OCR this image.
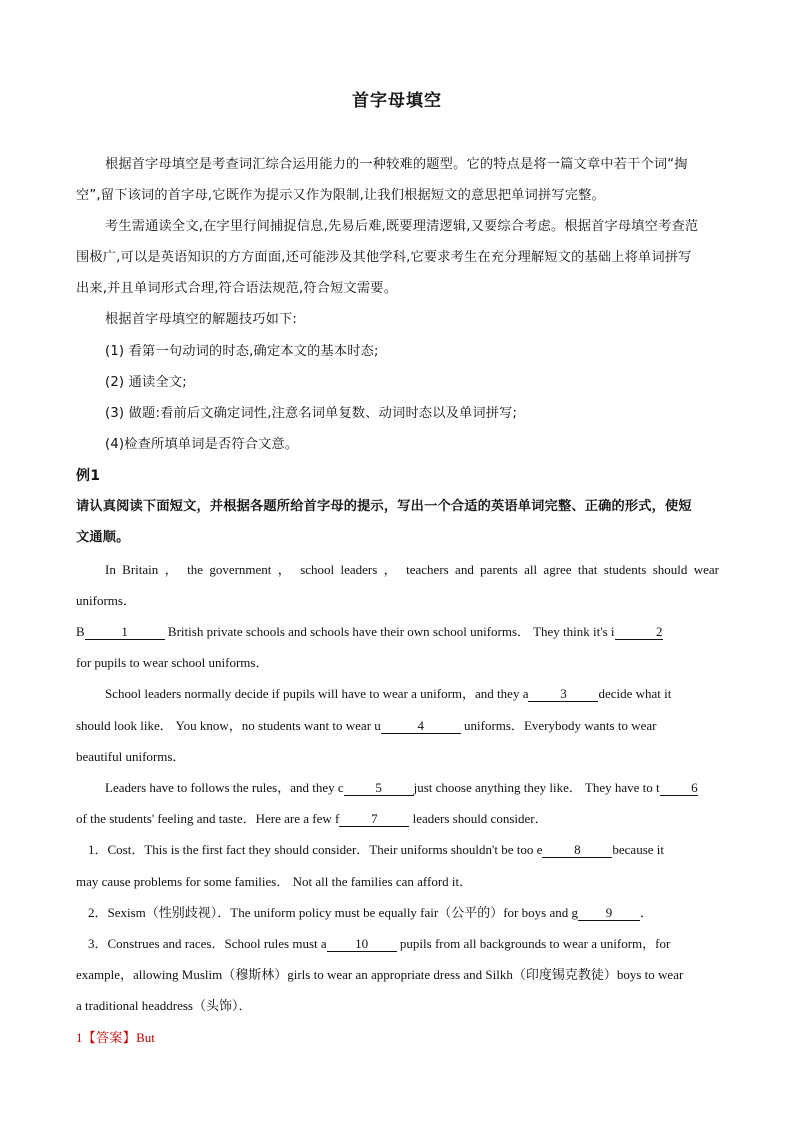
首字母填空
根据首字母填空是考查词汇综合运用能力的一种较难的题型。它的特点是将一篇文章中若干个词“掏
空”,留下该词的首字母,它既作为提示又作为限制,让我们根据短文的意思把单词拼写完整。
考生需通读全文,在字里行间捕捉信息,先易后难,既要理清逻辑,又要综合考虑。根据首字母填空考查范
围极广,可以是英语知识的方方面面,还可能涉及其他学科,它要求考生在充分理解短文的基础上将单词拼写
出来,并且单词形式合理,符合语法规范,符合短文需要。
根据首字母填空的解题技巧如下:
(1) 看第一句动词的时态,确定本文的基本时态;
(2) 通读全文;
(3) 做题:看前后文确定词性,注意名词单复数、动词时态以及单词拼写;
(4)检查所填单词是否符合文意。
例1
请认真阅读下面短文，并根据各题所给首字母的提示，写出一个合适的英语单词完整、正确的形式，使短
文通顺。
In Britain ， the government ， school leaders ， teachers and parents all agree that students should wear
uniforms．
B	1	British private schools and schools have their own school uniforms． They think it's i	2
for pupils to wear school uniforms．
School leaders normally decide if pupils will have to wear a uniform，and they a 3 decide what it
should look like． You know，no students want to wear u	4	uniforms．Everybody wants to wear
beautiful uniforms．
Leaders have to follows the rules，and they c 5 just choose anything they like． They have to t 6
of the students' feeling and taste．Here are a few f 7 leaders should consider．
1．Cost．This is the first fact they should consider．Their uniforms shouldn't be too e 8 because it
may cause problems for some families． Not all the families can afford it．
2．Sexism（性别歧视）．The uniform policy must be equally fair（公平的）for boys and g 9 ．
3．Construes and races．School rules must a 10 pupils from all backgrounds to wear a uniform，for
example，allowing Muslim（穆斯林）girls to wear an appropriate dress and Silkh（印度锡克教徒）boys to wear
a traditional headdress（头饰）．
1【答案】But
